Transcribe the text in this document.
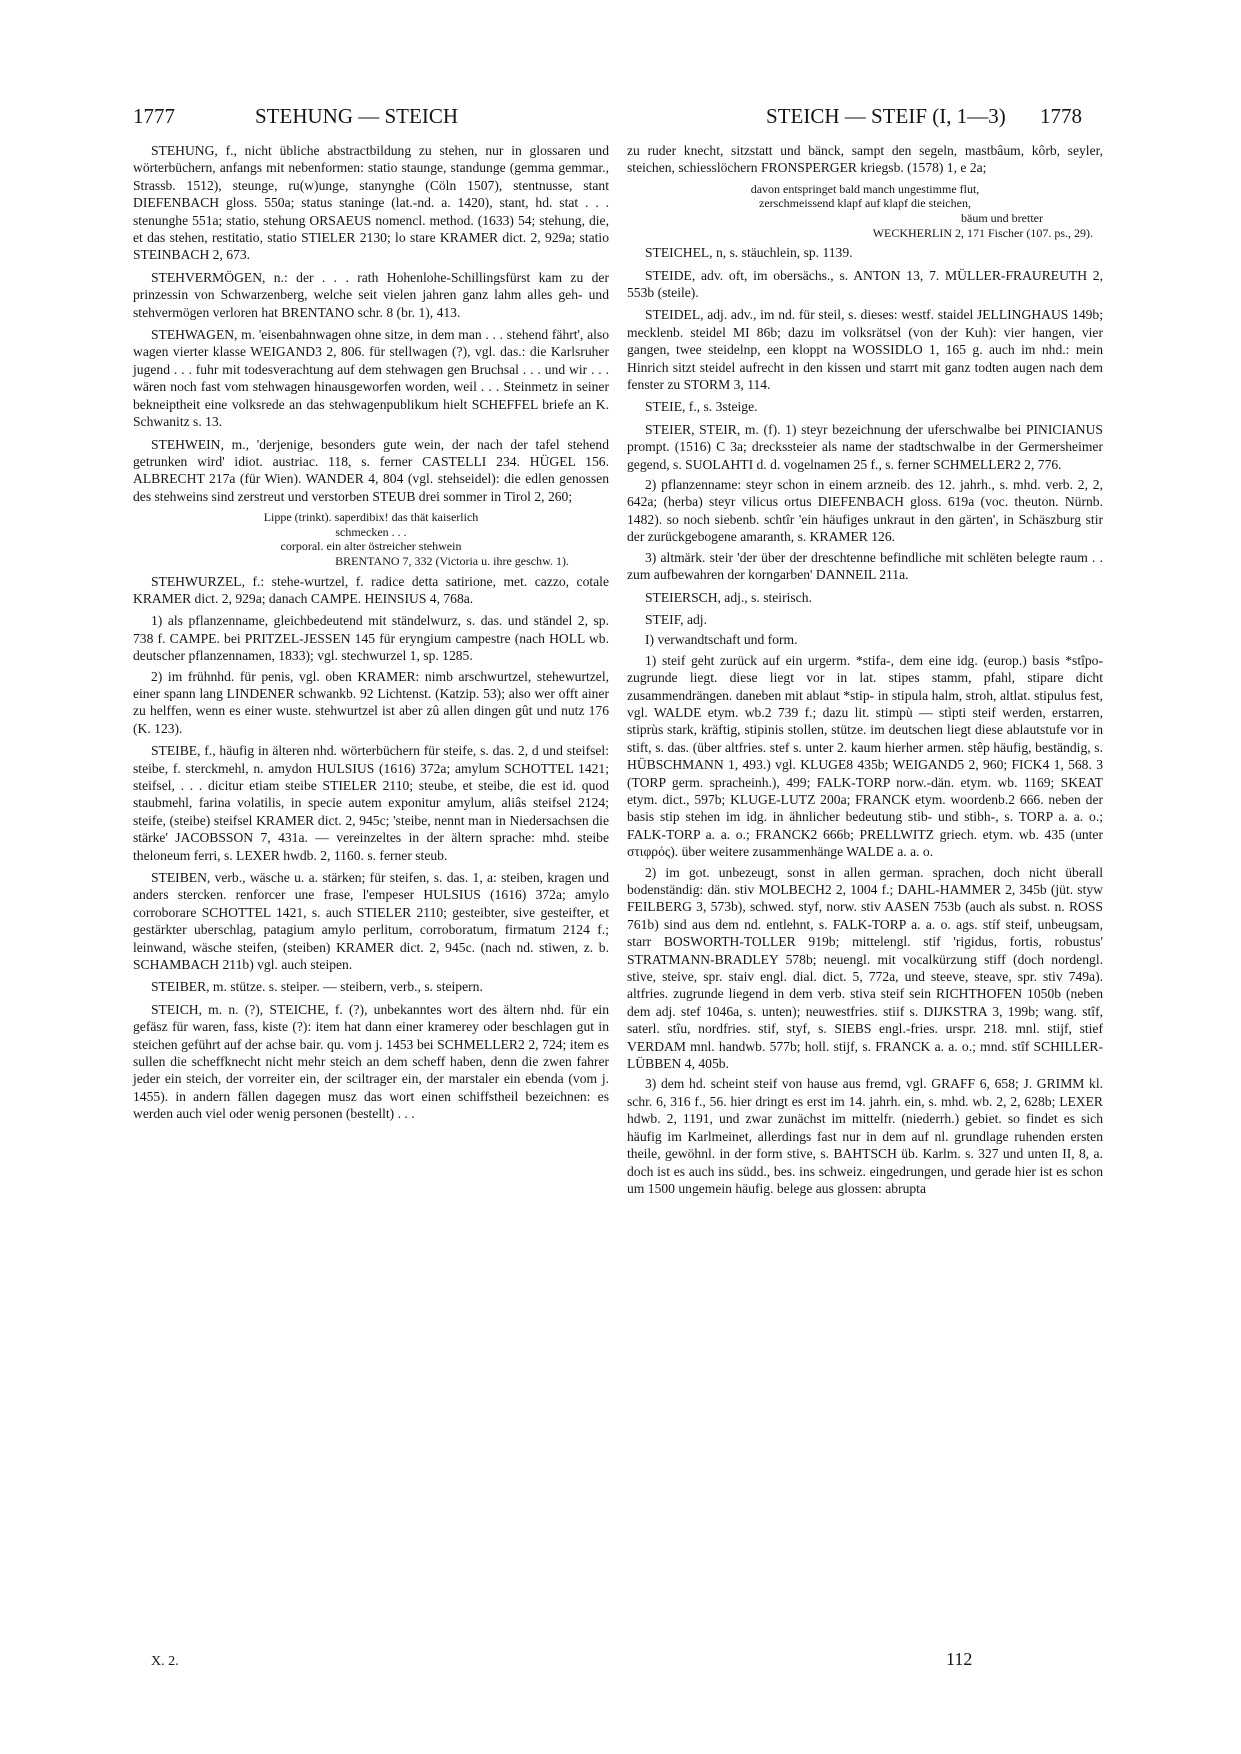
1777	STEHUNG — STEICH	STEICH — STEIF (I, 1—3) 1778

STEHUNG, f., nicht übliche abstractbildung zu stehen, nur in glossaren und wörterbüchern, anfangs mit nebenformen: statio staunge, standunge (gemma gemmar., Strassb. 1512), steunge, ru(w)unge, stanynghe (Cöln 1507), stentnusse, stant DIEFENBACH gloss. 550a; status staninge (lat.-nd. a. 1420), stant, hd. stat . . . stenunghe 551a; statio, stehung ORSAEUS nomencl. method. (1633) 54; stehung, die, et das stehen, restitatio, statio STIELER 2130; lo stare KRAMER dict. 2, 929a; statio STEINBACH 2, 673.

STEHVERMÖGEN, n.: der . . . rath Hohenlohe-Schillingsfürst kam zu der prinzessin von Schwarzenberg, welche seit vielen jahren ganz lahm alles geh- und stehvermögen verloren hat BRENTANO schr. 8 (br. 1), 413.

STEHWAGEN, m. 'eisenbahnwagen ohne sitze, in dem man . . . stehend fährt', also wagen vierter klasse WEIGAND3 2, 806. für stellwagen (?), vgl. das.: die Karlsruher jugend . . . fuhr mit todesverachtung auf dem stehwagen gen Bruchsal . . . und wir . . . wären noch fast vom stehwagen hinausgeworfen worden, weil . . . Steinmetz in seiner bekneiptheit eine volksrede an das stehwagenpublikum hielt SCHEFFEL briefe an K. Schwanitz s. 13.

STEHWEIN, m., 'derjenige, besonders gute wein, der nach der tafel stehend getrunken wird' idiot. austriac. 118, s. ferner CASTELLI 234. HÜGEL 156. ALBRECHT 217a (für Wien). WANDER 4, 804 (vgl. stehseidel): die edlen genossen des stehweins sind zerstreut und verstorben STEUB drei sommer in Tirol 2, 260;

Lippe (trinkt). saperdibix! das thät kaiserlich
schmecken . . .
corporal. ein alter östreicher stehwein
BRENTANO 7, 332 (Victoria u. ihre geschw. 1).

STEHWURZEL, f.: stehe-wurtzel, f. radice detta satirione, met. cazzo, cotale KRAMER dict. 2, 929a; danach CAMPE. HEINSIUS 4, 768a.

1) als pflanzenname, gleichbedeutend mit ständelwurz, s. das. und ständel 2, sp. 738 f. CAMPE. bei PRITZEL-JESSEN 145 für eryngium campestre (nach HOLL wb. deutscher pflanzennamen, 1833); vgl. stechwurzel 1, sp. 1285.

2) im frühnhd. für penis, vgl. oben KRAMER: nimb arschwurtzel, stehewurtzel, einer spann lang LINDENER schwankb. 92 Lichtenst. (Katzip. 53); also wer offt ainer zu helffen, wenn es einer wuste. stehwurtzel ist aber zû allen dingen gût und nutz 176 (K. 123).

STEIBE, f., häufig in älteren nhd. wörterbüchern für steife, s. das. 2, d und steifsel: steibe, f. sterckmehl, n. amydon HULSIUS (1616) 372a; amylum SCHOTTEL 1421; steifsel, . . . dicitur etiam steibe STIELER 2110; steube, et steibe, die est id. quod staubmehl, farina volatilis, in specie autem exponitur amylum, aliâs steifsel 2124; steife, (steibe) steifsel KRAMER dict. 2, 945c; 'steibe, nennt man in Niedersachsen die stärke' JACOBSSON 7, 431a. — vereinzeltes in der ältern sprache: mhd. steibe theloneum ferri, s. LEXER hwdb. 2, 1160. s. ferner steub.

STEIBEN, verb., wäsche u. a. stärken; für steifen, s. das. 1, a: steiben, kragen und anders stercken. renforcer une frase, l'empeser HULSIUS (1616) 372a; amylo corroborare SCHOTTEL 1421, s. auch STIELER 2110; gesteibter, sive gesteifter, et gestärkter uberschlag, patagium amylo perlitum, corroboratum, firmatum 2124 f.; leinwand, wäsche steifen, (steiben) KRAMER dict. 2, 945c. (nach nd. stiwen, z. b. SCHAMBACH 211b) vgl. auch steipen.

STEIBER, m. stütze. s. steiper. — steibern, verb., s. steipern.

STEICH, m. n. (?), STEICHE, f. (?), unbekanntes wort des ältern nhd. für ein gefäsz für waren, fass, kiste (?): item hat dann einer kramerey oder beschlagen gut in steichen geführt auf der achse bair. qu. vom j. 1453 bei SCHMELLER2 2, 724; item es sullen die scheffknecht nicht mehr steich an dem scheff haben, denn die zwen fahrer jeder ein steich, der vorreiter ein, der sciltrager ein, der marstaler ein ebenda (vom j. 1455). in andern fällen dagegen musz das wort einen schiffstheil bezeichnen: es werden auch viel oder wenig personen (bestellt) . . .

zu ruder knecht, sitzstatt und bänck, sampt den segeln, mastbâum, kôrb, seyler, steichen, schiesslöchern FRONSPERGER kriegsb. (1578) 1, e 2a;

davon entspringet bald manch ungestimme flut,
zerschmeissend klapf auf klapf die steichen,
bäum und bretter
WECKHERLIN 2, 171 Fischer (107. ps., 29).

STEICHEL, n, s. stäuchlein, sp. 1139.

STEIDE, adv. oft, im obersächs., s. ANTON 13, 7. MÜLLER-FRAUREUTH 2, 553b (steile).

STEIDEL, adj. adv., im nd. für steil, s. dieses: westf. staidel JELLINGHAUS 149b; mecklenb. steidel MI 86b; dazu im volksrätsel (von der Kuh): vier hangen, vier gangen, twee steidelnp, een kloppt na WOSSIDLO 1, 165 g. auch im nhd.: mein Hinrich sitzt steidel aufrecht in den kissen und starrt mit ganz todten augen nach dem fenster zu STORM 3, 114.

STEIE, f., s. 3steige.

STEIER, STEIR, m. (f). 1) steyr bezeichnung der uferschwalbe bei PINICIANUS prompt. (1516) C 3a; dreckssteier als name der stadtschwalbe in der Germersheimer gegend, s. SUOLAHTI d. d. vogelnamen 25 f., s. ferner SCHMELLER2 2, 776.

2) pflanzenname: steyr schon in einem arzneib. des 12. jahrh., s. mhd. verb. 2, 2, 642a; (herba) steyr vilicus ortus DIEFENBACH gloss. 619a (voc. theuton. Nürnb. 1482). so noch siebenb. schtîr 'ein häufiges unkraut in den gärten', in Schäszburg stir der zurückgebogene amaranth, s. KRAMER 126.

3) altmärk. steir 'der über der dreschtenne befindliche mit schlëten belegte raum . . zum aufbewahren der korngarben' DANNEIL 211a.

STEIERSCH, adj., s. steirisch.

STEIF, adj.

I) verwandtschaft und form.

1) steif geht zurück auf ein urgerm. *stifa-, dem eine idg. (europ.) basis *stîpo- zugrunde liegt. diese liegt vor in lat. stipes stamm, pfahl, stipare dicht zusammendrängen. daneben mit ablaut *stip- in stipula halm, stroh, altlat. stipulus fest, vgl. WALDE etym. wb.2 739 f.; dazu lit. stimpù — stìpti steif werden, erstarren, stiprùs stark, kräftig, stipinis stollen, stütze. im deutschen liegt diese ablautstufe vor in stift, s. das. (über altfries. stef s. unter 2. kaum hierher armen. stêp häufig, beständig, s. HÜBSCHMANN 1, 493.) vgl. KLUGE8 435b; WEIGAND5 2, 960; FICK4 1, 568. 3 (TORP germ. spracheinh.), 499; FALK-TORP norw.-dän. etym. wb. 1169; SKEAT etym. dict., 597b; KLUGE-LUTZ 200a; FRANCK etym. woordenb.2 666. neben der basis stip stehen im idg. in ähnlicher bedeutung stib- und stibh-, s. TORP a. a. o.; FALK-TORP a. a. o.; FRANCK2 666b; PRELLWITZ griech. etym. wb. 435 (unter στιφρός). über weitere zusammenhänge WALDE a. a. o.

2) im got. unbezeugt, sonst in allen german. sprachen, doch nicht überall bodenständig: dän. stiv MOLBECH2 2, 1004 f.; DAHL-HAMMER 2, 345b (jüt. styw FEILBERG 3, 573b), schwed. styf, norw. stiv AASEN 753b (auch als subst. n. ROSS 761b) sind aus dem nd. entlehnt, s. FALK-TORP a. a. o. ags. stíf steif, unbeugsam, starr BOSWORTH-TOLLER 919b; mittelengl. stif 'rigidus, fortis, robustus' STRATMANN-BRADLEY 578b; neuengl. mit vocalkürzung stiff (doch nordengl. stive, steive, spr. staiv engl. dial. dict. 5, 772a, und steeve, steave, spr. stiv 749a). altfries. zugrunde liegend in dem verb. stiva steif sein RICHTHOFEN 1050b (neben dem adj. stef 1046a, s. unten); neuwestfries. stiif s. DIJKSTRA 3, 199b; wang. stîf, saterl. stîu, nordfries. stif, styf, s. SIEBS engl.-fries. urspr. 218. mnl. stijf, stief VERDAM mnl. handwb. 577b; holl. stijf, s. FRANCK a. a. o.; mnd. stîf SCHILLER-LÜBBEN 4, 405b.

3) dem hd. scheint steif von hause aus fremd, vgl. GRAFF 6, 658; J. GRIMM kl. schr. 6, 316 f., 56. hier dringt es erst im 14. jahrh. ein, s. mhd. wb. 2, 2, 628b; LEXER hdwb. 2, 1191, und zwar zunächst im mittelfr. (niederrh.) gebiet. so findet es sich häufig im Karlmeinet, allerdings fast nur in dem auf nl. grundlage ruhenden ersten theile, gewöhnl. in der form stive, s. BAHTSCH üb. Karlm. s. 327 und unten II, 8, a. doch ist es auch ins südd., bes. ins schweiz. eingedrungen, und gerade hier ist es schon um 1500 ungemein häufig. belege aus glossen: abrupta

X. 2.	112
